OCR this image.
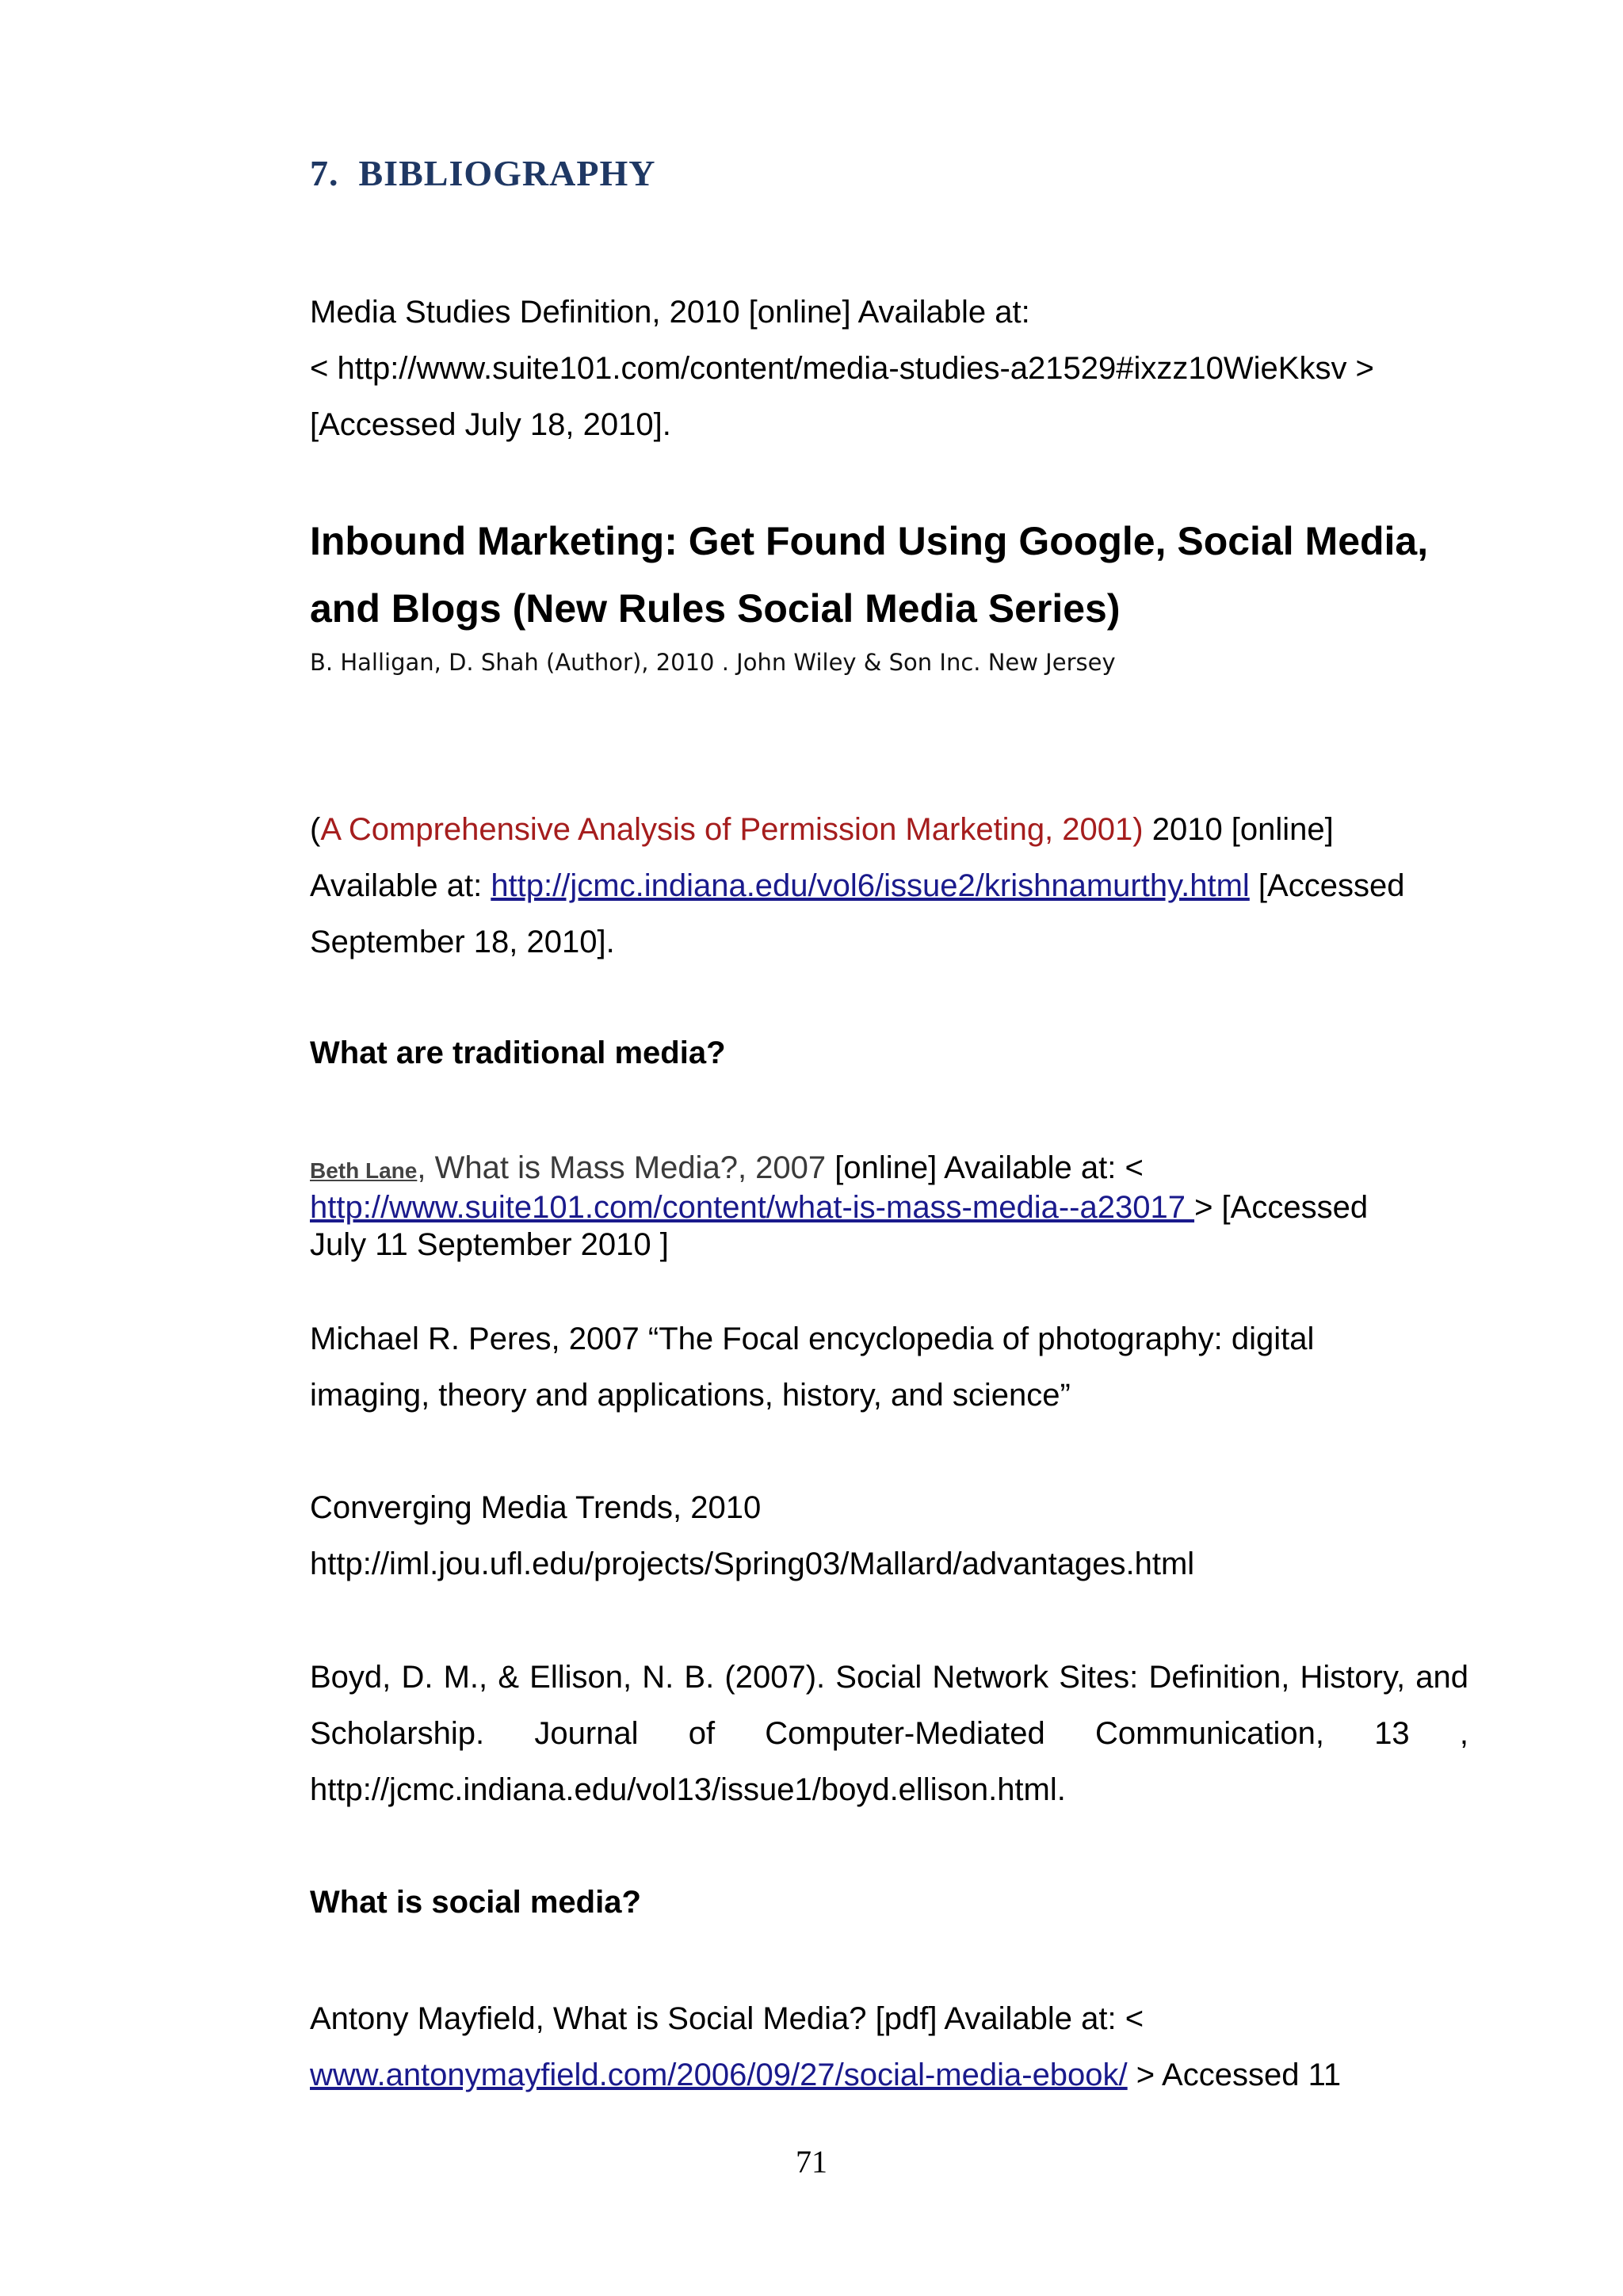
7. BIBLIOGRAPHY

Media Studies Definition, 2010 [online] Available at:

< http://www.suite101.com/content/media-studies-a21529#ixzz10WieKksv >

[Accessed July 18, 2010].

Inbound Marketing: Get Found Using Google, Social Media,

and Blogs (New Rules Social Media Series)

B. Halligan, D. Shah (Author), 2010 . John Wiley & Son Inc. New Jersey

(A Comprehensive Analysis of Permission Marketing, 2001) 2010 [online]

Available at: http://jcmc.indiana.edu/vol6/issue2/krishnamurthy.html [Accessed

September 18, 2010].

What are traditional media?

Beth Lane, What is Mass Media?, 2007 [online] Available at: <

http://www.suite101.com/content/what-is-mass-media--a23017 > [Accessed

July 11 September 2010 ]

Michael R. Peres, 2007 “The Focal encyclopedia of photography: digital

imaging, theory and applications, history, and science”

Converging Media Trends, 2010

http://iml.jou.ufl.edu/projects/Spring03/Mallard/advantages.html

Boyd, D. M., & Ellison, N. B. (2007). Social Network Sites: Definition, History, and Scholarship. Journal of Computer-Mediated Communication, 13 , http://jcmc.indiana.edu/vol13/issue1/boyd.ellison.html.

What is social media?

Antony Mayfield, What is Social Media? [pdf] Available at: <

www.antonymayfield.com/2006/09/27/social-media-ebook/ > Accessed 11

71
